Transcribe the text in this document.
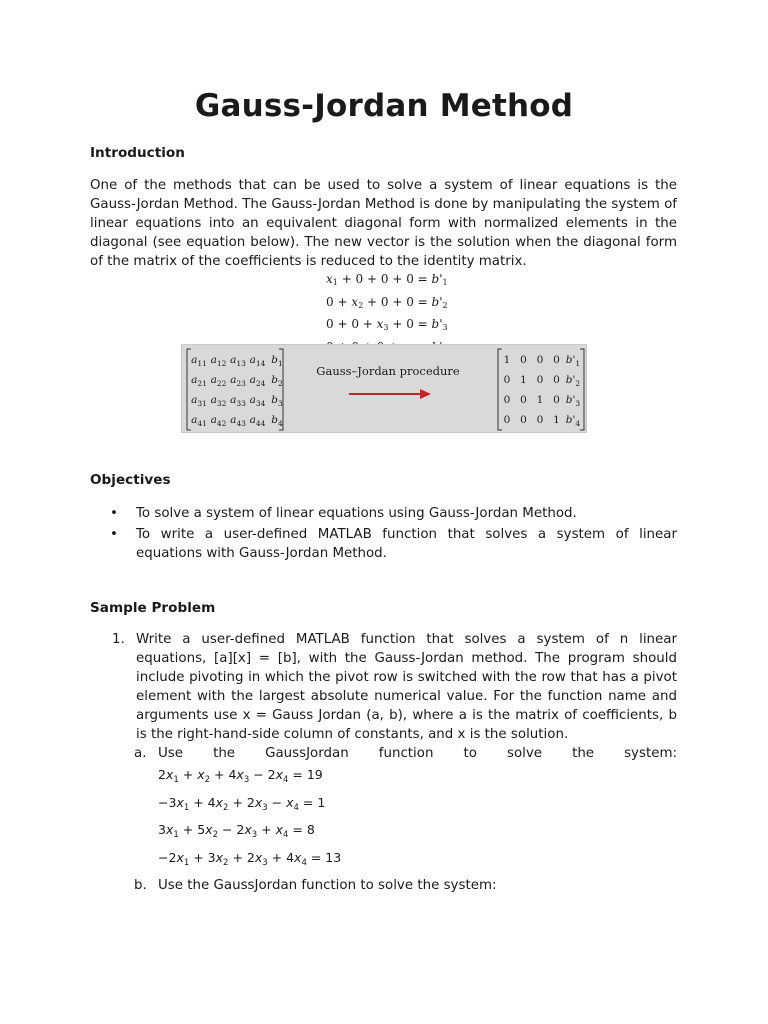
Gauss-Jordan Method
Introduction

One of the methods that can be used to solve a system of linear equations is the Gauss-Jordan Method. The Gauss-Jordan Method is done by manipulating the system of linear equations into an equivalent diagonal form with normalized elements in the diagonal (see equation below). The new vector is the solution when the diagonal form of the matrix of the coefficients is reduced to the identity matrix.

$x_1 + 0 + 0 + 0 = b'_1$
$0 + x_2 + 0 + 0 = b'_2$
$0 + 0 + x_3 + 0 = b'_3$
$a_{11}$ $a_{12}$ $a_{13}$ $a_{14}$ $b_1$
$a_{21}$ $a_{22}$ $a_{23}$ $a_{24}$ $b_2$
$a_{31}$ $a_{32}$ $a_{33}$ $a_{34}$ $b_3$
$a_{41}$ $a_{42}$ $a_{43}$ $a_{44}$ $b_4$
1 0 0 0 $b'_1$
0 1 0 0 $b'_2$
0 0 1 0 $b'_3$
0 0 0 1 $b'_4$
Gauss–Jordan procedure
Objectives
• To solve a system of linear equations using Gauss-Jordan Method.
• To write a user-defined MATLAB function that solves a system of linear equations with Gauss-Jordan Method.
Sample Problem
1. Write a user-defined MATLAB function that solves a system of n linear equations, [a][x] = [b], with the Gauss-Jordan method. The program should include pivoting in which the pivot row is switched with the row that has a pivot element with the largest absolute numerical value. For the function name and arguments use x = Gauss Jordan (a, b), where a is the matrix of coefficients, b is the right-hand-side column of constants, and x is the solution.
a. Use the GaussJordan function to solve the system:
$2x_1 + x_2 + 4x_3 - 2x_4 = 19$
$-3x_1 + 4x_2 + 2x_3 - x_4 = 1$
$3x_1 + 5x_2 - 2x_3 + x_4 = 8$
$-2x_1 + 3x_2 + 2x_3 + 4x_4 = 13$
b. Use the GaussJordan function to solve the system:
